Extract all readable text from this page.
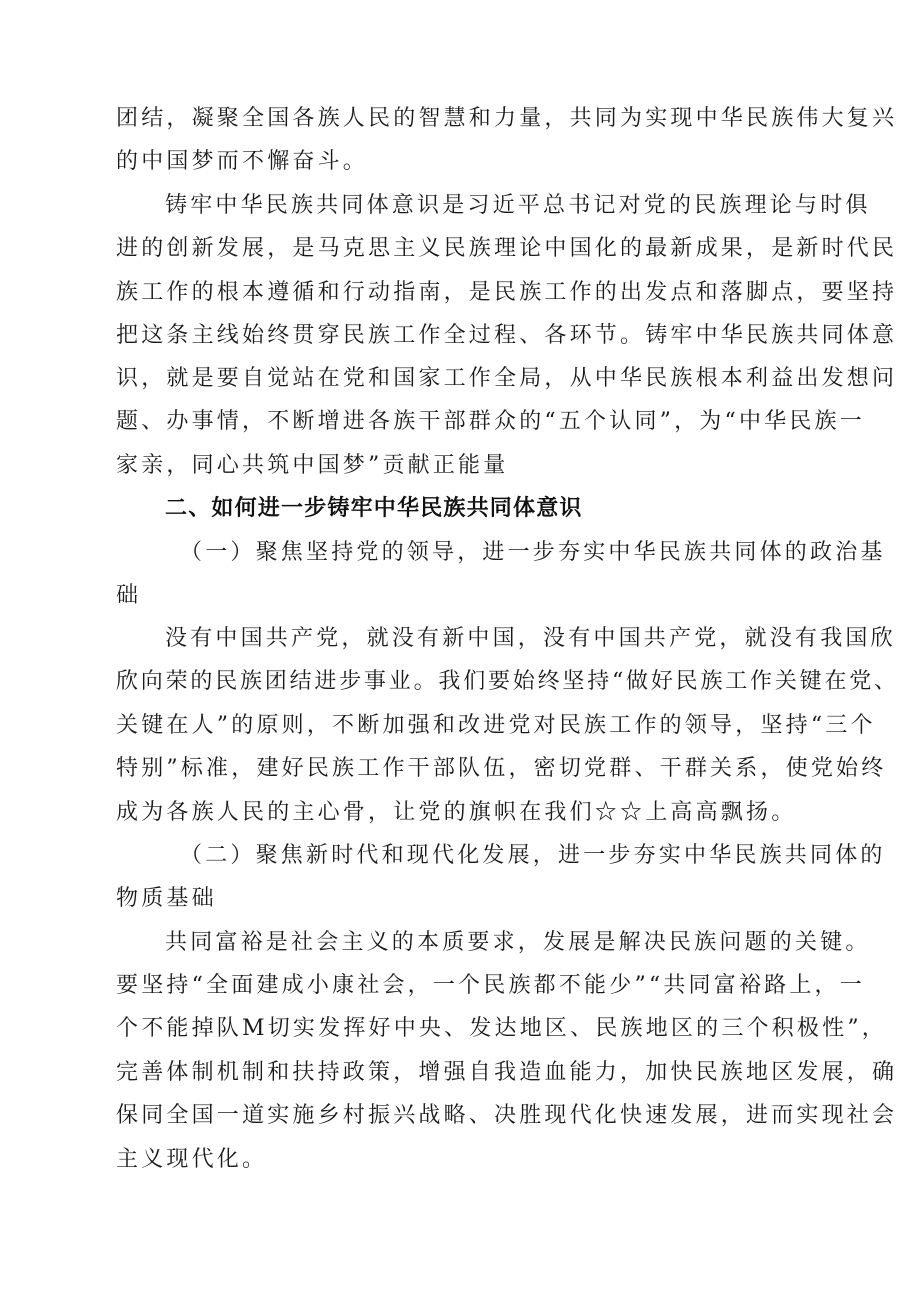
团结，凝聚全国各族人民的智慧和力量，共同为实现中华民族伟大复兴
的中国梦而不懈奋斗。
铸牢中华民族共同体意识是习近平总书记对党的民族理论与时俱
进的创新发展，是马克思主义民族理论中国化的最新成果，是新时代民
族工作的根本遵循和行动指南，是民族工作的出发点和落脚点，要坚持
把这条主线始终贯穿民族工作全过程、各环节。铸牢中华民族共同体意
识，就是要自觉站在党和国家工作全局，从中华民族根本利益出发想问
题、办事情，不断增进各族干部群众的“五个认同”，为“中华民族一
家亲，同心共筑中国梦”贡献正能量
二、如何进一步铸牢中华民族共同体意识
（一）聚焦坚持党的领导，进一步夯实中华民族共同体的政治基
础
没有中国共产党，就没有新中国，没有中国共产党，就没有我国欣
欣向荣的民族团结进步事业。我们要始终坚持“做好民族工作关键在党、
关键在人”的原则，不断加强和改进党对民族工作的领导，坚持“三个
特别”标准，建好民族工作干部队伍，密切党群、干群关系，使党始终
成为各族人民的主心骨，让党的旗帜在我们☆☆上高高飘扬。
（二）聚焦新时代和现代化发展，进一步夯实中华民族共同体的
物质基础
共同富裕是社会主义的本质要求，发展是解决民族问题的关键。
要坚持“全面建成小康社会，一个民族都不能少”“共同富裕路上，一
个不能掉队M切实发挥好中央、发达地区、民族地区的三个积极性”，
完善体制机制和扶持政策，增强自我造血能力，加快民族地区发展，确
保同全国一道实施乡村振兴战略、决胜现代化快速发展，进而实现社会
主义现代化。
